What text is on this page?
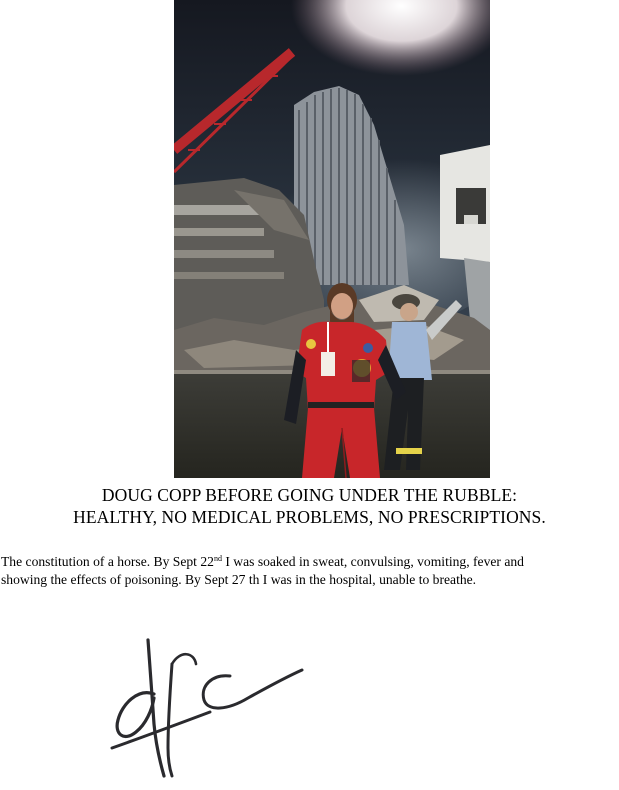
DOUG COPP BEFORE GOING UNDER THE RUBBLE:
HEALTHY, NO MEDICAL PROBLEMS, NO PRESCRIPTIONS.
The constitution of a horse. By Sept 22nd I was soaked in sweat, convulsing, vomiting, fever and
showing the effects of poisoning. By Sept 27 th I was in the hospital, unable to breathe.
